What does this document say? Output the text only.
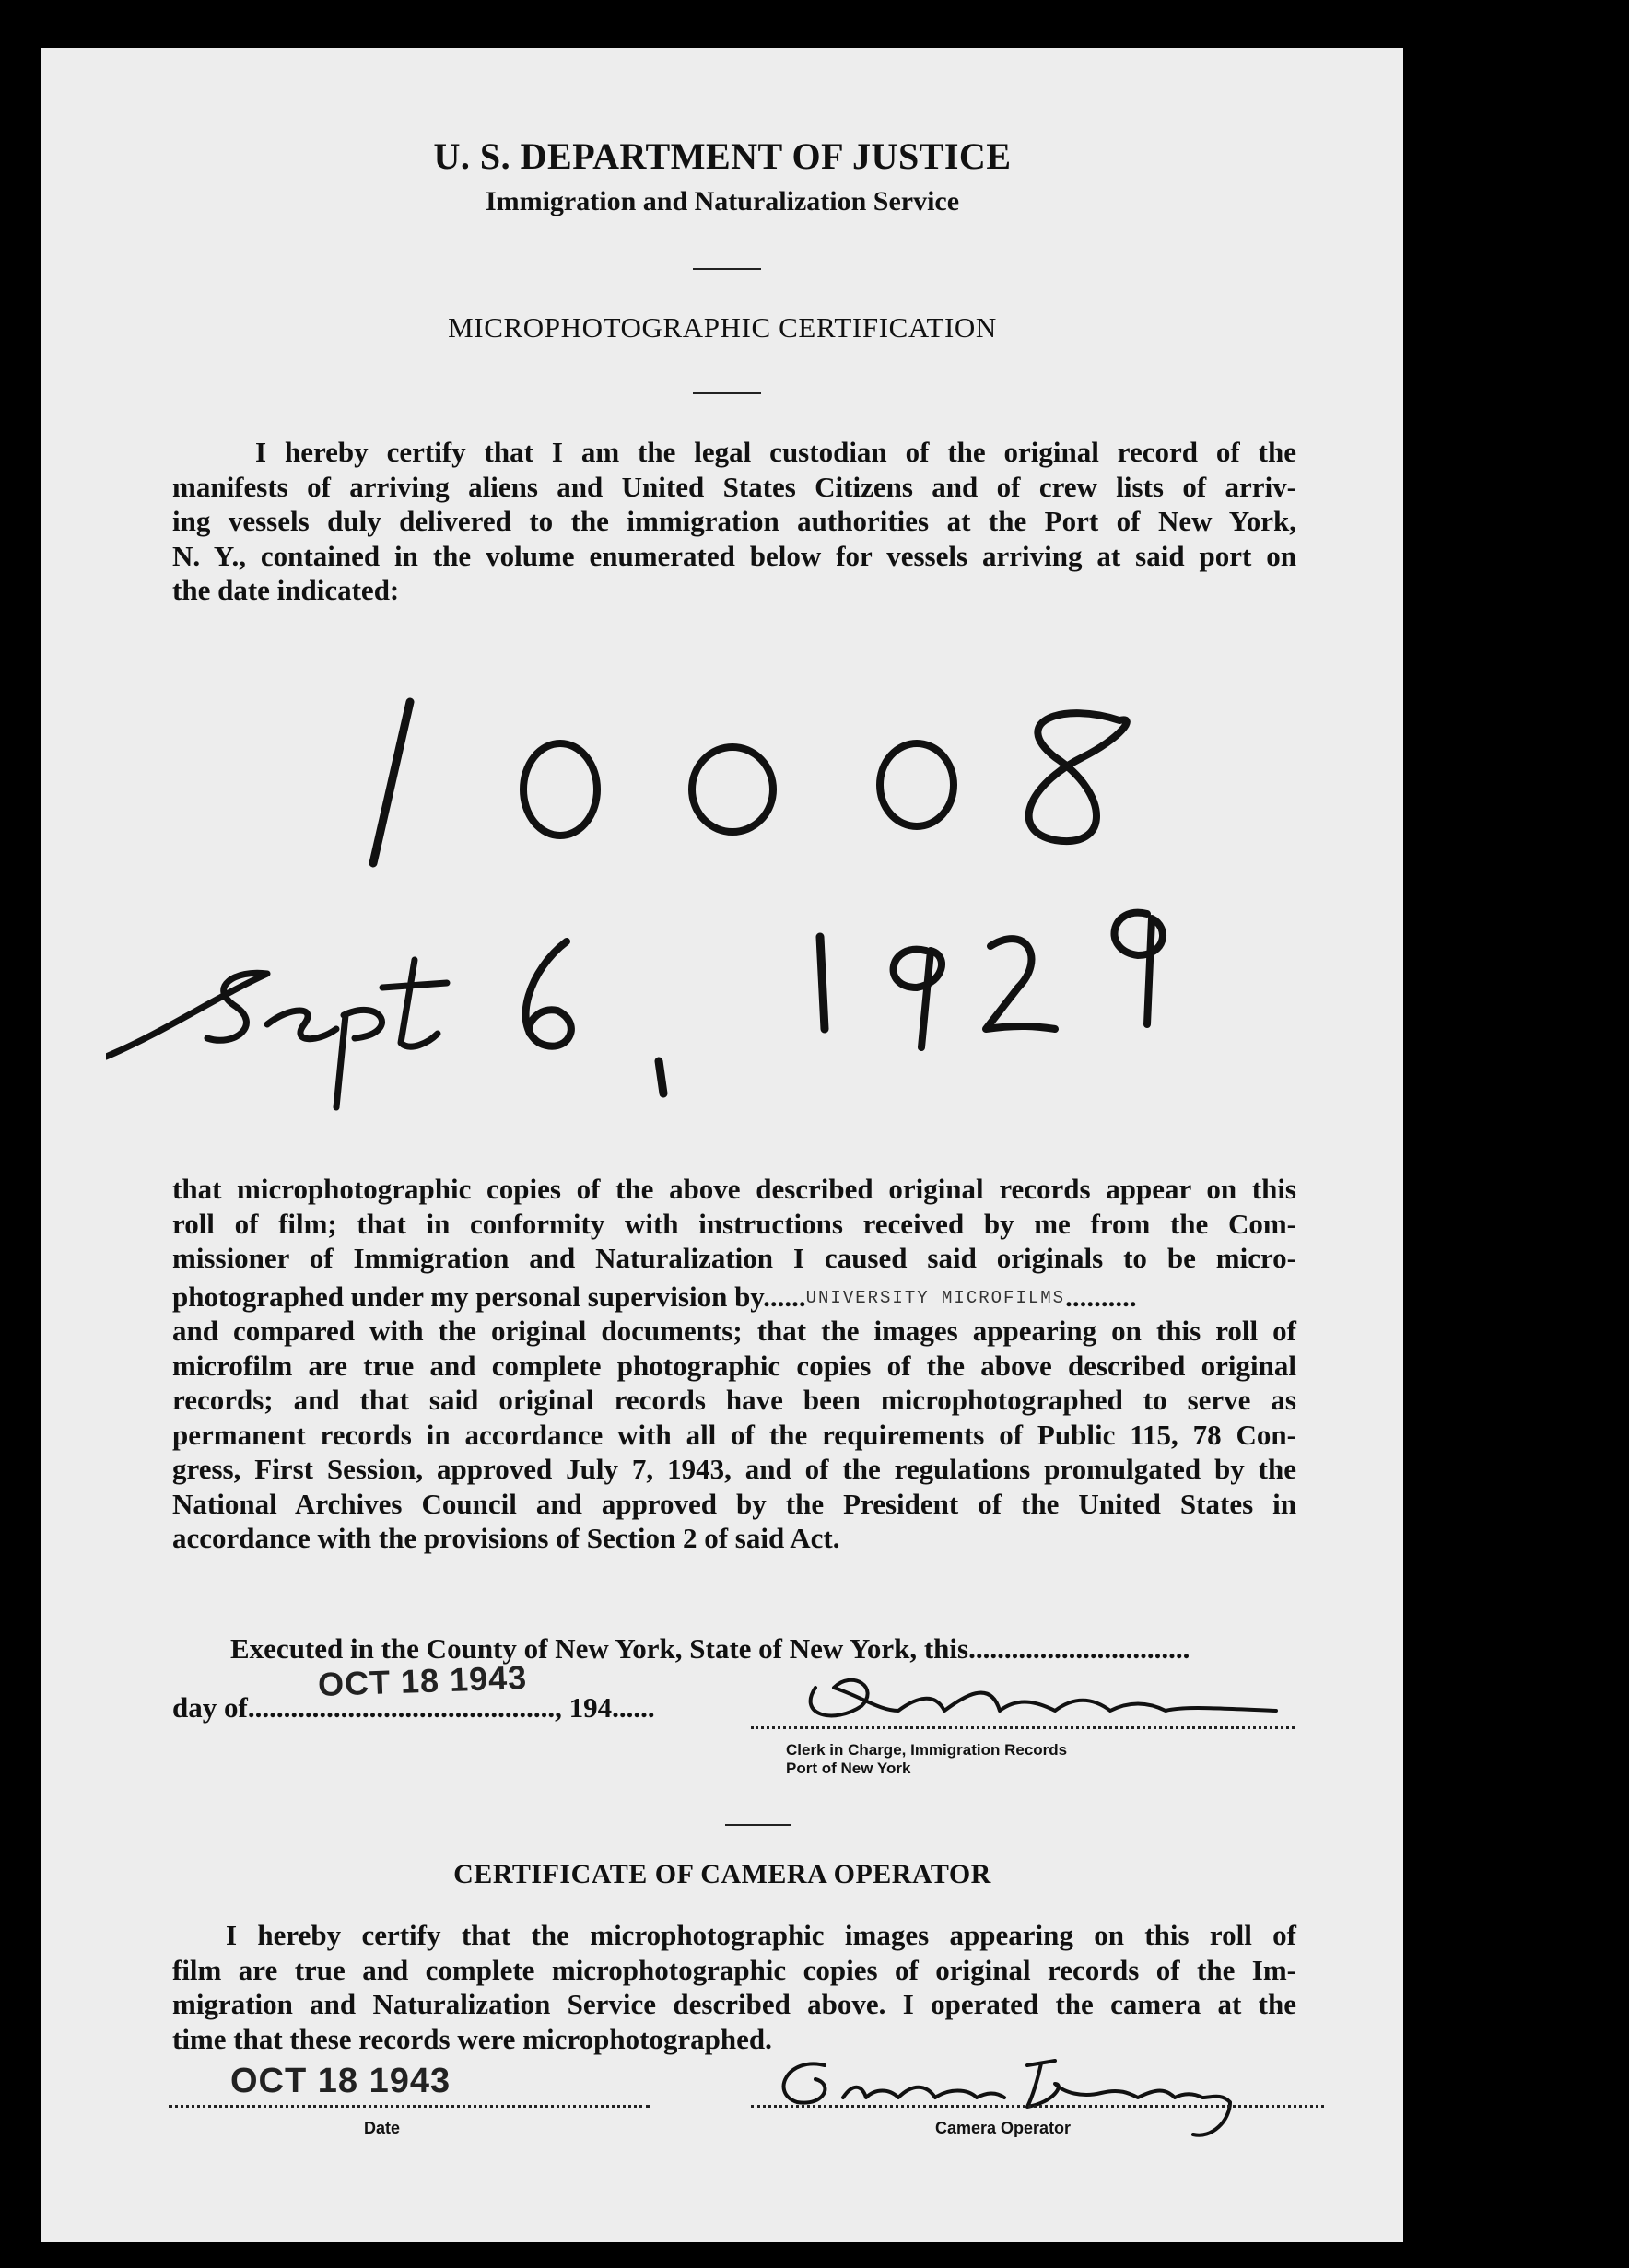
U. S. DEPARTMENT OF JUSTICE
Immigration and Naturalization Service
MICROPHOTOGRAPHIC CERTIFICATION
I hereby certify that I am the legal custodian of the original record of the
manifests of arriving aliens and United States Citizens and of crew lists of arriv-
ing vessels duly delivered to the immigration authorities at the Port of New York,
N. Y., contained in the volume enumerated below for vessels arriving at said port on
the date indicated:
that microphotographic copies of the above described original records appear on this
roll of film; that in conformity with instructions received by me from the Com-
missioner of Immigration and Naturalization I caused said originals to be micro-
photographed under my personal supervision by......UNIVERSITY MICROFILMS..........
and compared with the original documents; that the images appearing on this roll of
microfilm are true and complete photographic copies of the above described original
records; and that said original records have been microphotographed to serve as
permanent records in accordance with all of the requirements of Public 115, 78 Con-
gress, First Session, approved July 7, 1943, and of the regulations promulgated by the
National Archives Council and approved by the President of the United States in
accordance with the provisions of Section 2 of said Act.
Executed in the County of New York, State of New York, this...............................
day of..........................................., 194......
OCT 18 1943
Clerk in Charge, Immigration Records
Port of New York
CERTIFICATE OF CAMERA OPERATOR
I hereby certify that the microphotographic images appearing on this roll of
film are true and complete microphotographic copies of original records of the Im-
migration and Naturalization Service described above. I operated the camera at the
time that these records were microphotographed.
OCT 18 1943
Date	Camera Operator
